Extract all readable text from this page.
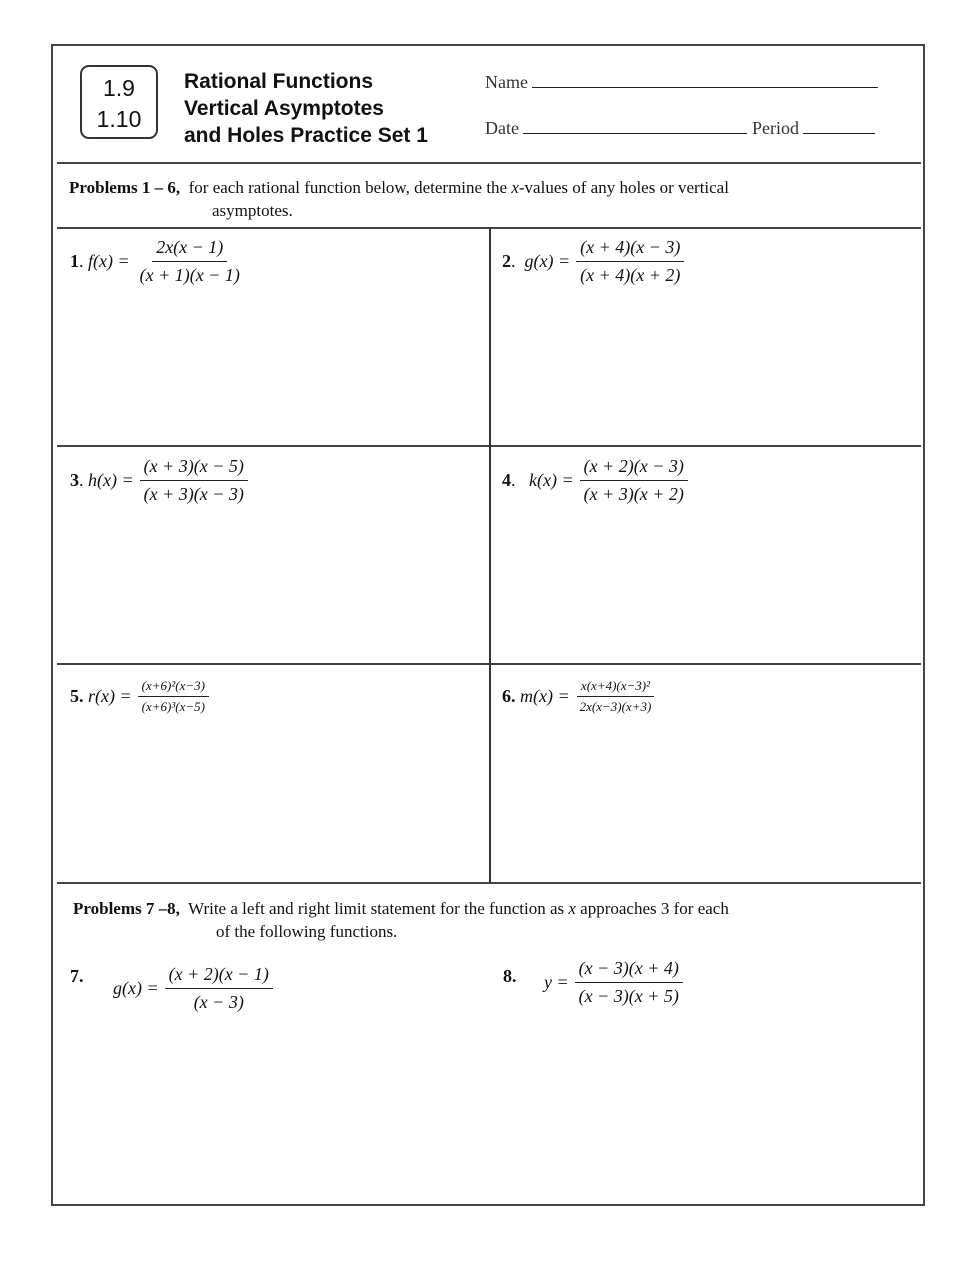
1.9
1.10
Rational Functions
Vertical Asymptotes
and Holes Practice Set 1
Name
Date	Period
Problems 1 – 6, for each rational function below, determine the x-values of any holes or vertical
asymptotes.
1 . $f(x) = \frac{2x(x - 1)}{(x + 1)(x - 1)}$	2 . $g(x) = \frac{(x + 4)(x - 3)}{(x + 4)(x + 2)}$
3 . $h(x) = \frac{(x + 3)(x - 5)}{(x + 3)(x - 3)}$	4 . $k(x) = \frac{(x + 2)(x - 3)}{(x + 3)(x + 2)}$
5 . $r(x) = \frac{\text{(x+6)²(x−3)}}{\text{(x+6)³(x−5)}}$	6 . $m(x) = \frac{\text{x(x+4)(x−3)²}}{2x(x-3)(x+3)}$
Problems 7 –8, Write a left and right limit statement for the function as x approaches 3 for each
of the following functions.
7.
$g(x) = \frac{(x + 2)(x - 1)}{(x - 3)}$	8. $y = \frac{(x - 3)(x + 4)}{(x - 3)(x + 5)}$
